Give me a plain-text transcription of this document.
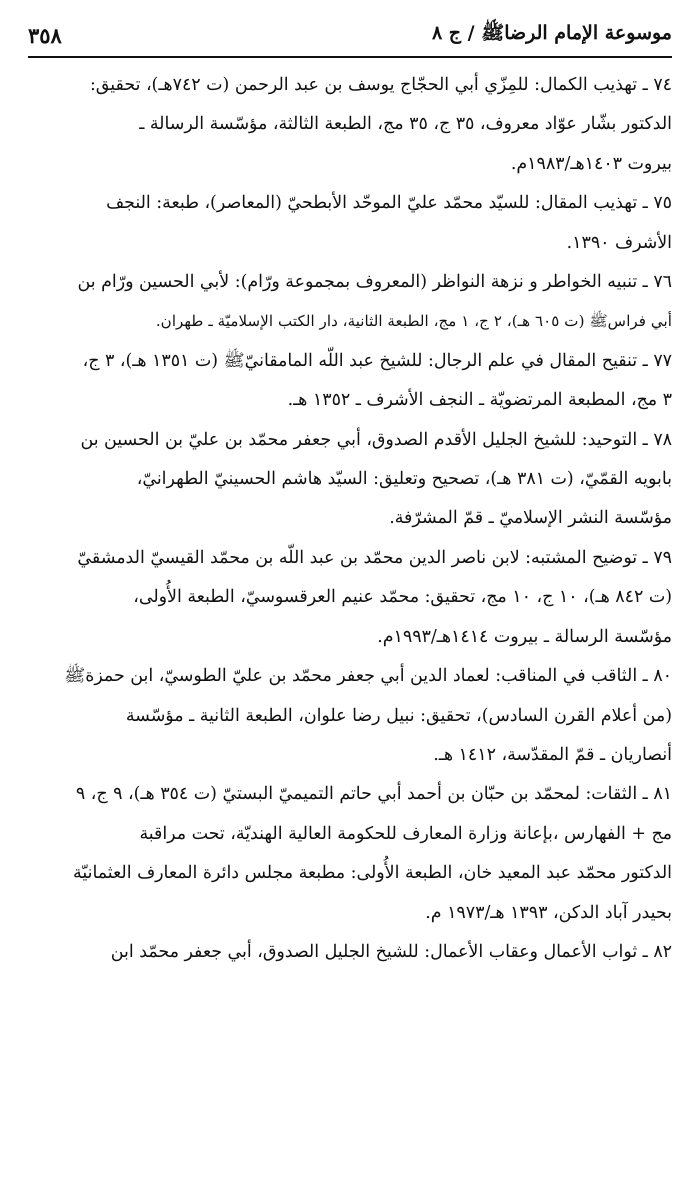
٣٥٨	موسوعة الإمام الرضاﷺ / ج ٨

٧٤ ـ تهذيب الكمال: للمِزّي أبي الحجّاج يوسف بن عبد الرحمن (ت ٧٤٢هـ)، تحقيق:
الدكتور بشّار عوّاد معروف، ٣٥ ج، ٣٥ مج، الطبعة الثالثة، مؤسّسة الرسالة ـ
بيروت ١٤٠٣هـ/١٩٨٣م.

٧٥ ـ تهذيب المقال: للسيّد محمّد عليّ الموحّد الأبطحيّ (المعاصر)، طبعة: النجف
الأشرف ١٣٩٠.

٧٦ ـ تنبيه الخواطر و نزهة النواظر (المعروف بمجموعة ورّام): لأبي الحسين ورّام بن
أبي فراسﷺ (ت ٦٠٥ هـ)، ٢ ج، ١ مج، الطبعة الثانية، دار الكتب الإسلاميّة ـ طهران.

٧٧ ـ تنقيح المقال في علم الرجال: للشيخ عبد اللّه المامقانيّﷺ (ت ١٣٥١ هـ)، ٣ ج،
٣ مج، المطبعة المرتضويّة ـ النجف الأشرف ـ ١٣٥٢ هـ.

٧٨ ـ التوحيد: للشيخ الجليل الأقدم الصدوق، أبي جعفر محمّد بن عليّ بن الحسين بن
بابويه القمّيّ، (ت ٣٨١ هـ)، تصحيح وتعليق: السيّد هاشم الحسينيّ الطهرانيّ،
مؤسّسة النشر الإسلاميّ ـ قمّ المشرّفة.

٧٩ ـ توضيح المشتبه: لابن ناصر الدين محمّد بن عبد اللّه بن محمّد القيسيّ الدمشقيّ
(ت ٨٤٢ هـ)، ١٠ ج، ١٠ مج، تحقيق: محمّد عنيم العرقسوسيّ، الطبعة الأُولى،
مؤسّسة الرسالة ـ بيروت ١٤١٤هـ/١٩٩٣م.

٨٠ ـ الثاقب في المناقب: لعماد الدين أبي جعفر محمّد بن عليّ الطوسيّ، ابن حمزةﷺ
(من أعلام القرن السادس)، تحقيق: نبيل رضا علوان، الطبعة الثانية ـ مؤسّسة
أنصاريان ـ قمّ المقدّسة، ١٤١٢ هـ.

٨١ ـ الثقات: لمحمّد بن حبّان بن أحمد أبي حاتم التميميّ البستيّ (ت ٣٥٤ هـ)، ٩ ج، ٩
مج + الفهارس ،بإعانة وزارة المعارف للحكومة العالية الهنديّة، تحت مراقبة
الدكتور محمّد عبد المعيد خان، الطبعة الأُولى: مطبعة مجلس دائرة المعارف العثمانيّة
بحيدر آباد الدكن، ١٣٩٣ هـ/١٩٧٣ م.

٨٢ ـ ثواب الأعمال وعقاب الأعمال: للشيخ الجليل الصدوق، أبي جعفر محمّد ابن
